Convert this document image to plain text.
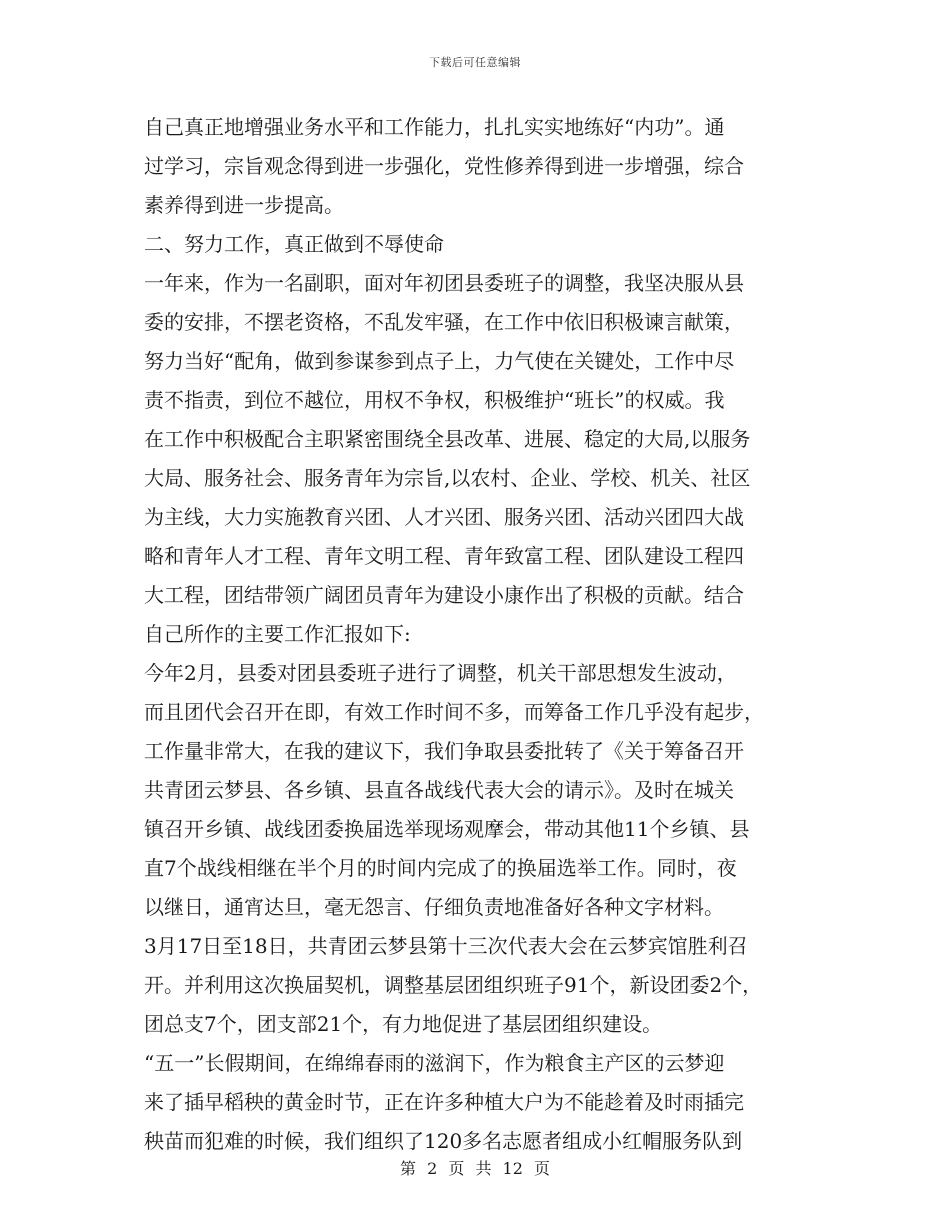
下载后可任意编辑
自己真正地增强业务水平和工作能力，扎扎实实地练好“内功”。通
过学习，宗旨观念得到进一步强化，党性修养得到进一步增强，综合
素养得到进一步提高。
二、努力工作，真正做到不辱使命
一年来，作为一名副职，面对年初团县委班子的调整，我坚决服从县
委的安排，不摆老资格，不乱发牢骚，在工作中依旧积极谏言献策，
努力当好“配角，做到参谋参到点子上，力气使在关键处，工作中尽
责不指责，到位不越位，用权不争权，积极维护“班长”的权威。我
在工作中积极配合主职紧密围绕全县改革、进展、稳定的大局,以服务
大局、服务社会、服务青年为宗旨,以农村、企业、学校、机关、社区
为主线，大力实施教育兴团、人才兴团、服务兴团、活动兴团四大战
略和青年人才工程、青年文明工程、青年致富工程、团队建设工程四
大工程，团结带领广阔团员青年为建设小康作出了积极的贡献。结合
自己所作的主要工作汇报如下:
今年2月，县委对团县委班子进行了调整，机关干部思想发生波动，
而且团代会召开在即，有效工作时间不多，而筹备工作几乎没有起步，
工作量非常大，在我的建议下，我们争取县委批转了《关于筹备召开
共青团云梦县、各乡镇、县直各战线代表大会的请示》。及时在城关
镇召开乡镇、战线团委换届选举现场观摩会，带动其他11个乡镇、县
直7个战线相继在半个月的时间内完成了的换届选举工作。同时，夜
以继日，通宵达旦，毫无怨言、仔细负责地准备好各种文字材料。
3月17日至18日，共青团云梦县第十三次代表大会在云梦宾馆胜利召
开。并利用这次换届契机，调整基层团组织班子91个，新设团委2个，
团总支7个，团支部21个，有力地促进了基层团组织建设。
“五一”长假期间，在绵绵春雨的滋润下，作为粮食主产区的云梦迎
来了插早稻秧的黄金时节，正在许多种植大户为不能趁着及时雨插完
秧苗而犯难的时候，我们组织了120多名志愿者组成小红帽服务队到
第 2 页 共 12 页
